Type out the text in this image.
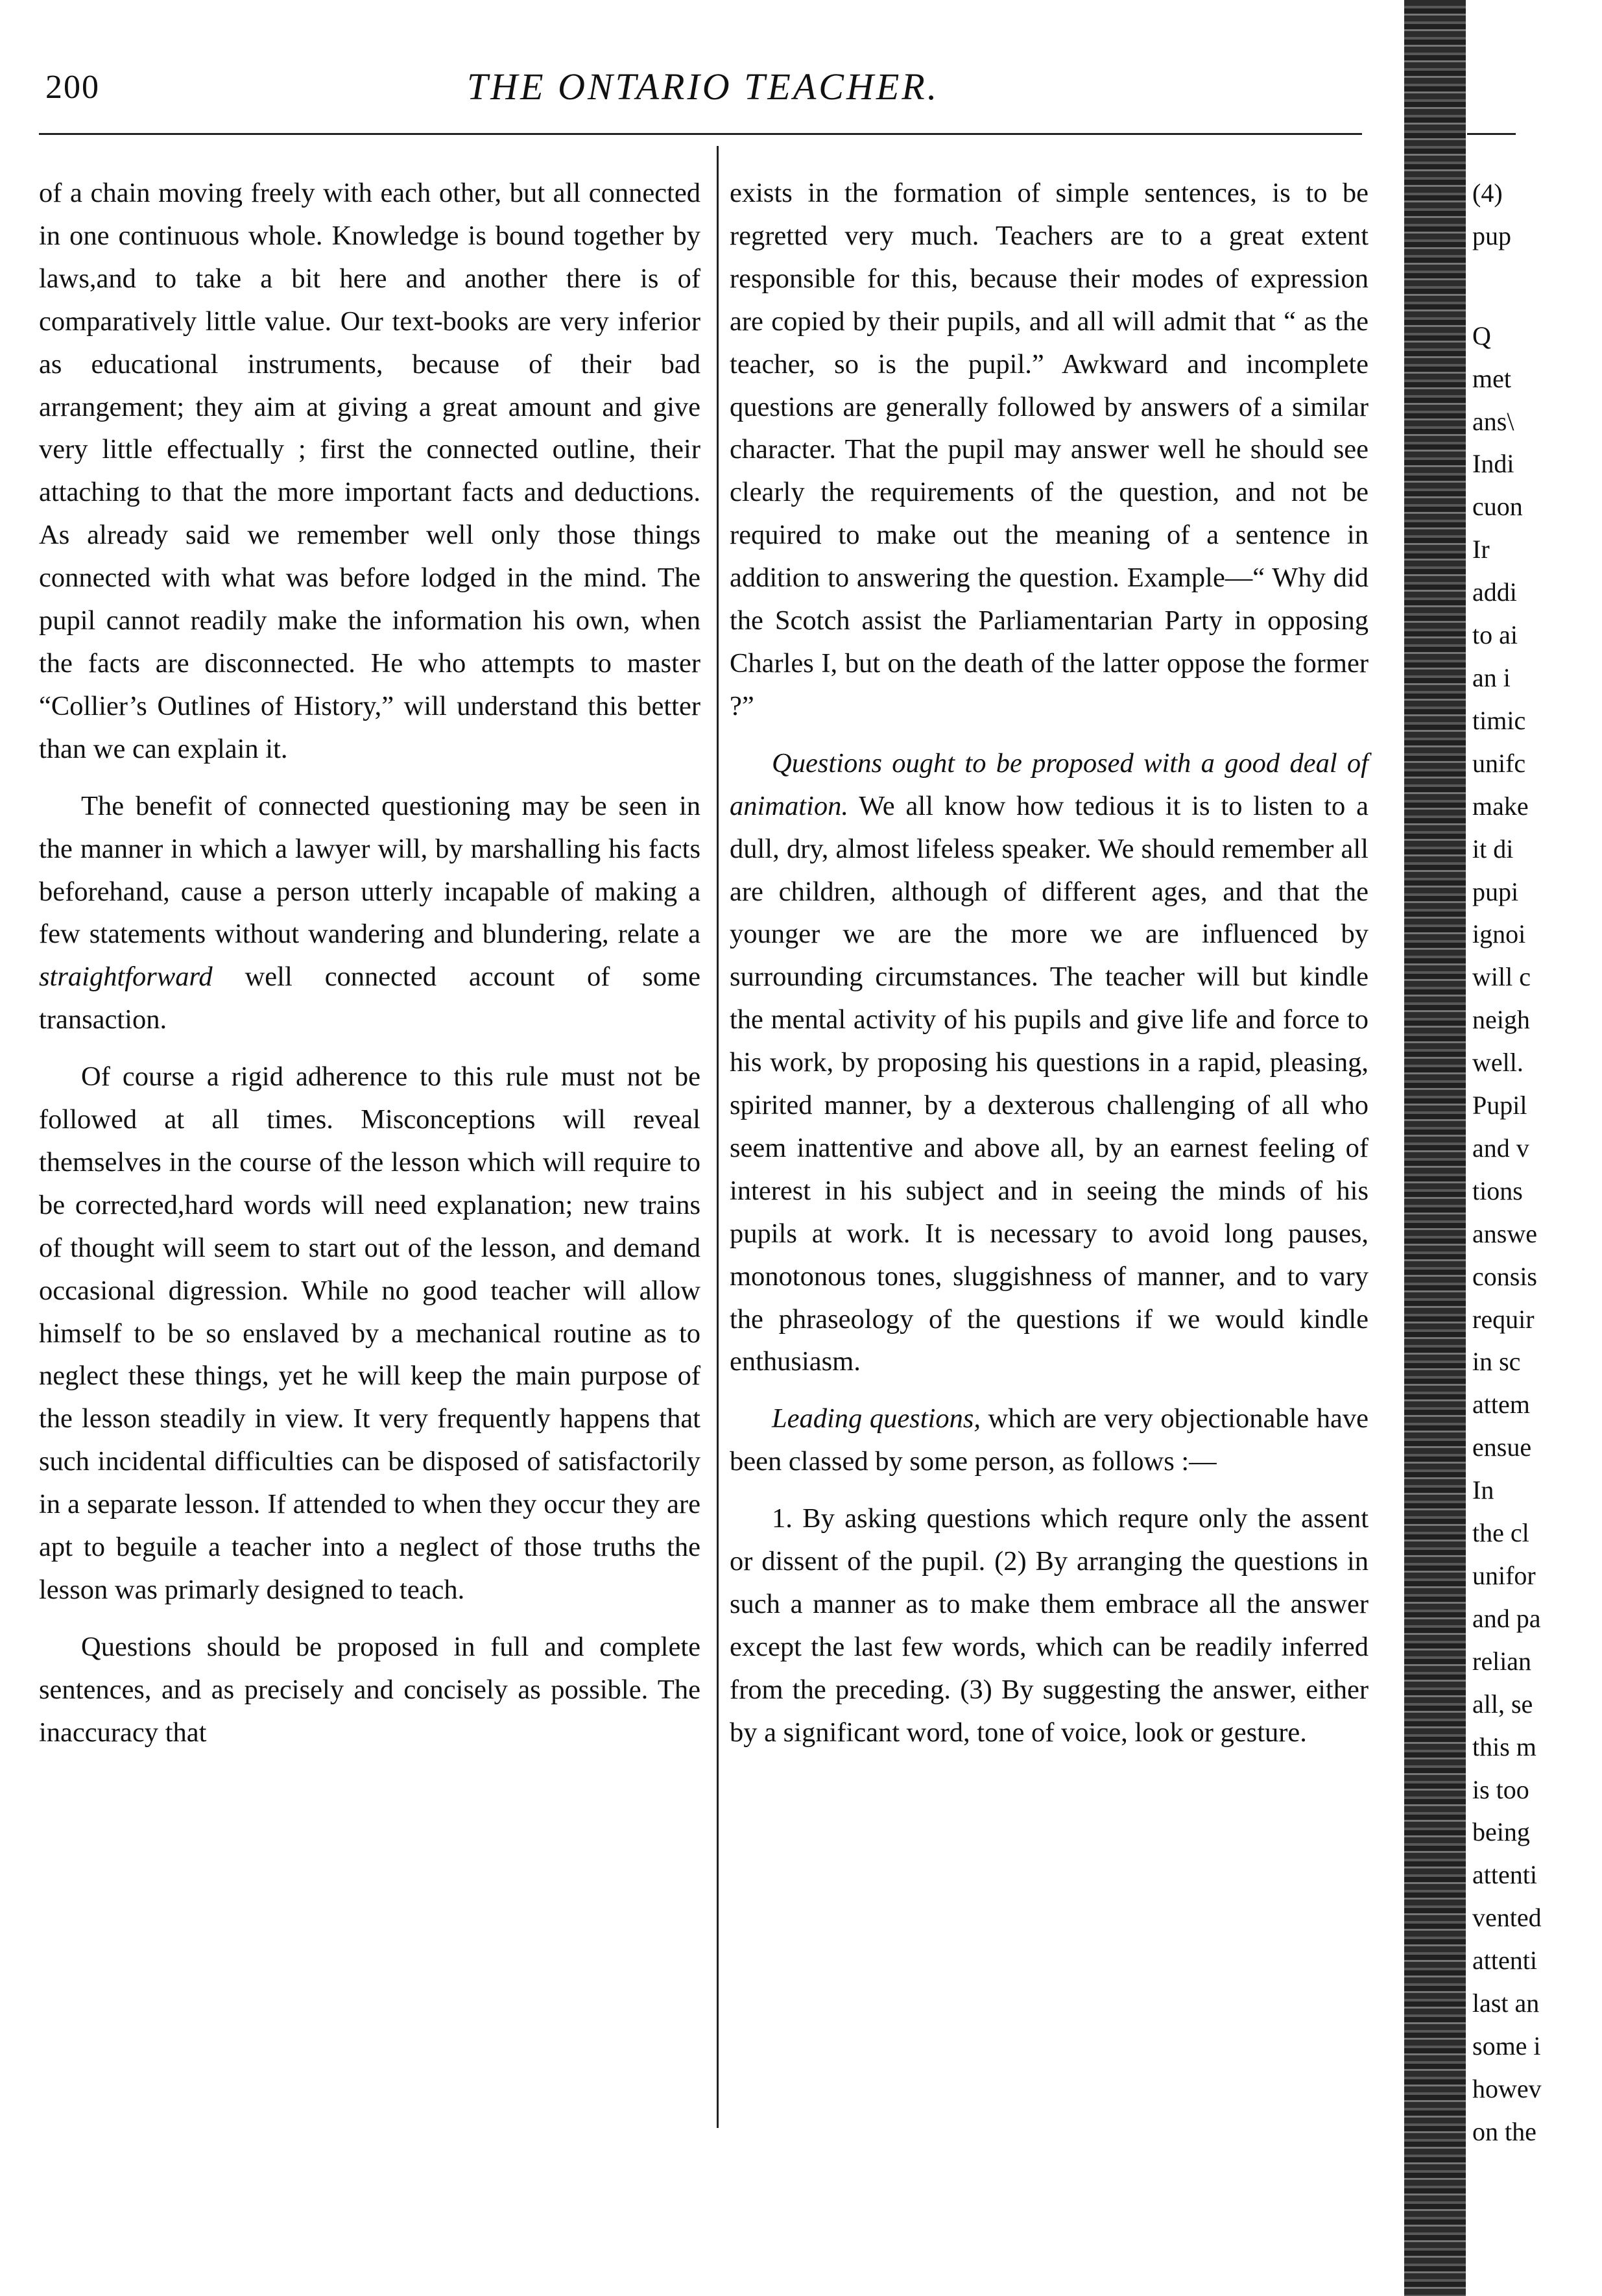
200	THE ONTARIO TEACHER.

of a chain moving freely with each other, but all connected in one continuous whole. Knowledge is bound together by laws,and to take a bit here and another there is of comparatively little value. Our text-books are very inferior as educational instruments, because of their bad arrangement; they aim at giving a great amount and give very little effectually ; first the connected outline, their attaching to that the more important facts and deductions. As already said we remember well only those things connected with what was before lodged in the mind. The pupil cannot readily make the information his own, when the facts are disconnected. He who attempts to master “Collier’s Outlines of History,” will understand this better than we can explain it.

The benefit of connected questioning may be seen in the manner in which a lawyer will, by marshalling his facts beforehand, cause a person utterly incapable of making a few statements without wandering and blundering, relate a straightforward well connected account of some transaction.

Of course a rigid adherence to this rule must not be followed at all times. Misconceptions will reveal themselves in the course of the lesson which will require to be corrected,hard words will need explanation; new trains of thought will seem to start out of the lesson, and demand occasional digression. While no good teacher will allow himself to be so enslaved by a mechanical routine as to neglect these things, yet he will keep the main purpose of the lesson steadily in view. It very frequently happens that such incidental difficulties can be disposed of satisfactorily in a separate lesson. If attended to when they occur they are apt to beguile a teacher into a neglect of those truths the lesson was primarly designed to teach.

Questions should be proposed in full and complete sentences, and as precisely and concisely as possible. The inaccuracy that

exists in the formation of simple sentences, is to be regretted very much. Teachers are to a great extent responsible for this, because their modes of expression are copied by their pupils, and all will admit that “ as the teacher, so is the pupil.” Awkward and incomplete questions are generally followed by answers of a similar character. That the pupil may answer well he should see clearly the requirements of the question, and not be required to make out the meaning of a sentence in addition to answering the question. Example—“ Why did the Scotch assist the Parliamentarian Party in opposing Charles I, but on the death of the latter oppose the former ?”

Questions ought to be proposed with a good deal of animation. We all know how tedious it is to listen to a dull, dry, almost lifeless speaker. We should remember all are children, although of different ages, and that the younger we are the more we are influenced by surrounding circumstances. The teacher will but kindle the mental activity of his pupils and give life and force to his work, by proposing his questions in a rapid, pleasing, spirited manner, by a dexterous challenging of all who seem inattentive and above all, by an earnest feeling of interest in his subject and in seeing the minds of his pupils at work. It is necessary to avoid long pauses, monotonous tones, sluggishness of manner, and to vary the phraseology of the questions if we would kindle enthusiasm.

Leading questions, which are very objectionable have been classed by some person, as follows :—

1. By asking questions which requre only the assent or dissent of the pupil. (2) By arranging the questions in such a manner as to make them embrace all the answer except the last few words, which can be readily inferred from the preceding. (3) By suggesting the answer, either by a significant word, tone of voice, look or gesture.

(4)
pup

Q
met
ans\
Indi
cuon
Ir
addi
to ai
an i
timic
unifc
make
it di
pupi
ignoi
will c
neigh
well.
Pupil
and v
tions
answe
consis
requir
in sc
attem
ensue
In
the cl
unifor
and pa
relian
all, se
this m
is too
being
attenti
vented
attenti
last an
some i
howev
on the
